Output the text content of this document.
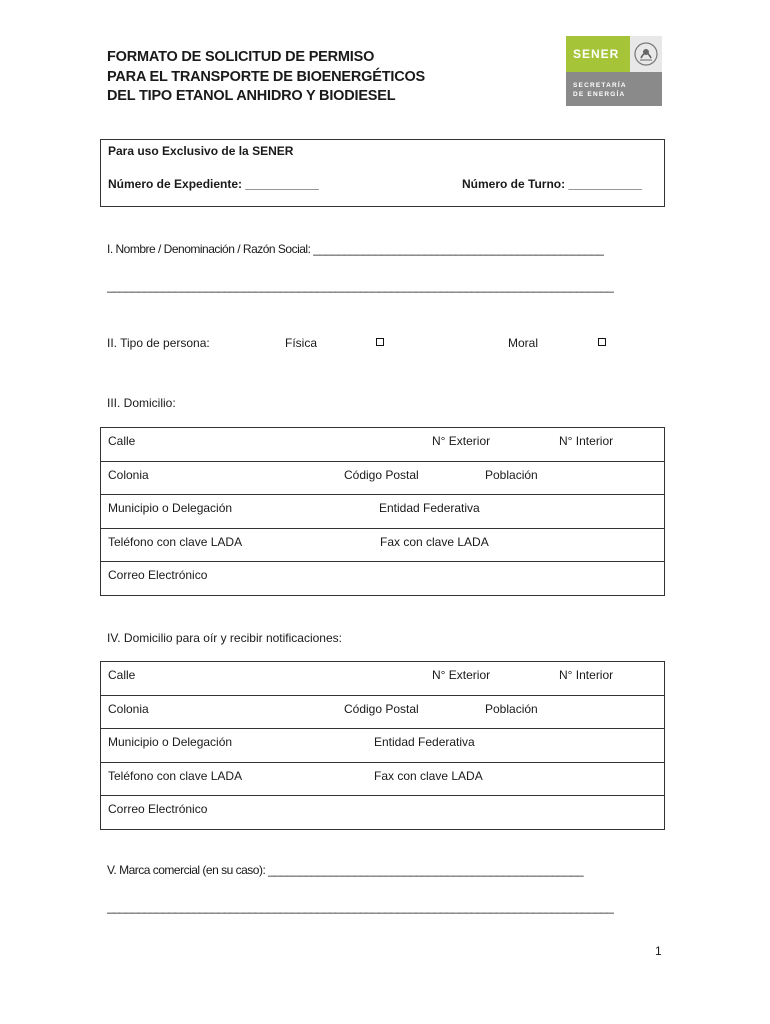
FORMATO DE SOLICITUD DE PERMISO
PARA EL TRANSPORTE DE BIOENERGÉTICOS
DEL TIPO ETANOL ANHIDRO Y BIODIESEL
SENER
SECRETARÍA
DE ENERGÍA
Para uso Exclusivo de la SENER
Número de Expediente: ___________	Número de Turno: ___________
I. Nombre / Denominación / Razón Social: _______________________________________________
__________________________________________________________________________________
II. Tipo de persona:	Física	Moral
III. Domicilio:
Calle	N° Exterior	N° Interior

Colonia	Código Postal	Población

Municipio o Delegación	Entidad Federativa

Teléfono con clave LADA	Fax con clave LADA

Correo Electrónico
IV. Domicilio para oír y recibir notificaciones:
Calle	N° Exterior	N° Interior

Colonia	Código Postal	Población

Municipio o Delegación	Entidad Federativa

Teléfono con clave LADA	Fax con clave LADA

Correo Electrónico
V. Marca comercial (en su caso): ___________________________________________________
__________________________________________________________________________________
1
